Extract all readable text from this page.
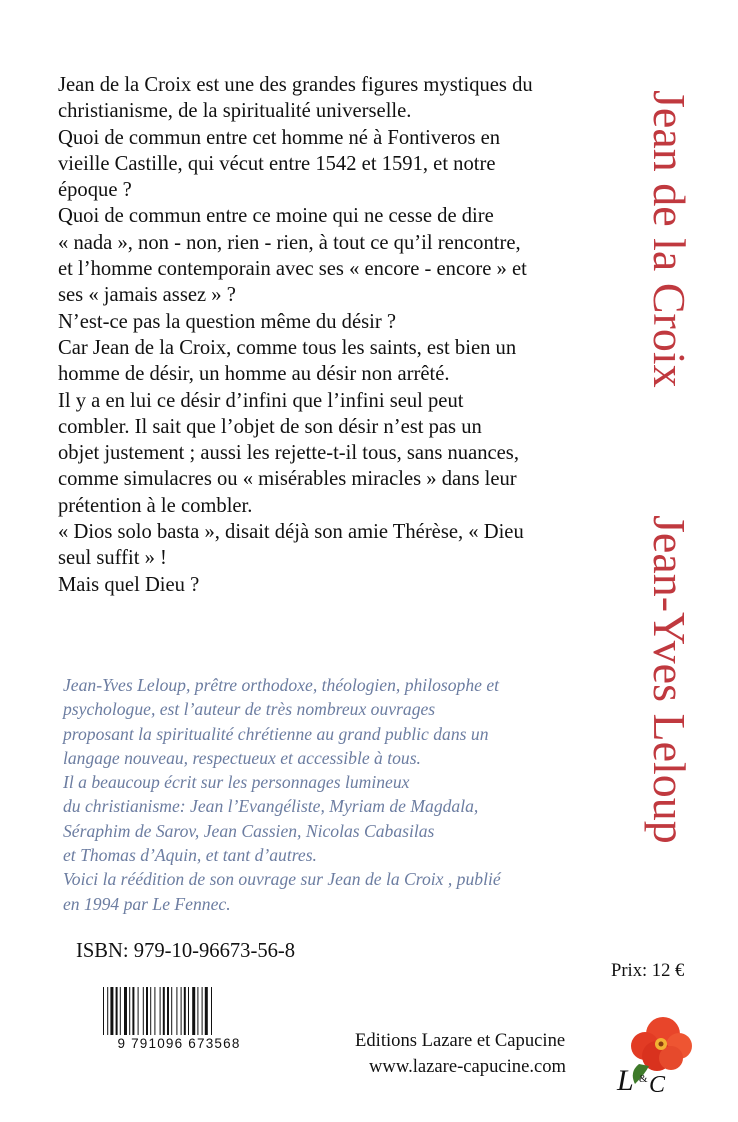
Jean de la Croix est une des grandes figures mystiques du
christianisme, de la spiritualité universelle.
Quoi de commun entre cet homme né à Fontiveros en
vieille Castille, qui vécut entre 1542 et 1591, et notre
époque ?
Quoi de commun entre ce moine qui ne cesse de dire
« nada », non - non, rien - rien, à tout ce qu’il rencontre,
et l’homme contemporain avec ses « encore - encore » et
ses « jamais assez » ?
N’est-ce pas la question même du désir ?
Car Jean de la Croix, comme tous les saints, est bien un
homme de désir, un homme au désir non arrêté.
Il y a en lui ce désir d’infini que l’infini seul peut
combler. Il sait que l’objet de son désir n’est pas un
objet justement ; aussi les rejette-t-il tous, sans nuances,
comme simulacres ou « misérables miracles » dans leur
prétention à le combler.
« Dios solo basta », disait déjà son amie Thérèse, « Dieu
seul suffit » !
Mais quel Dieu ?
Jean de la Croix
Jean-Yves Leloup
Jean-Yves Leloup, prêtre orthodoxe, théologien, philosophe et
psychologue, est l’auteur de très nombreux ouvrages
proposant la spiritualité chrétienne au grand public dans un
langage nouveau, respectueux et accessible à tous.
Il a beaucoup écrit sur les personnages lumineux
du christianisme: Jean l’Evangéliste, Myriam de Magdala,
Séraphim de Sarov, Jean Cassien, Nicolas Cabasilas
et Thomas d’Aquin, et tant d’autres.
Voici la réédition de son ouvrage sur Jean de la Croix , publié
en 1994 par Le Fennec.
ISBN: 979-10-96673-56-8
Prix: 12 €
9 791096 673568	Editions Lazare et Capucine
www.lazare-capucine.com L & C
